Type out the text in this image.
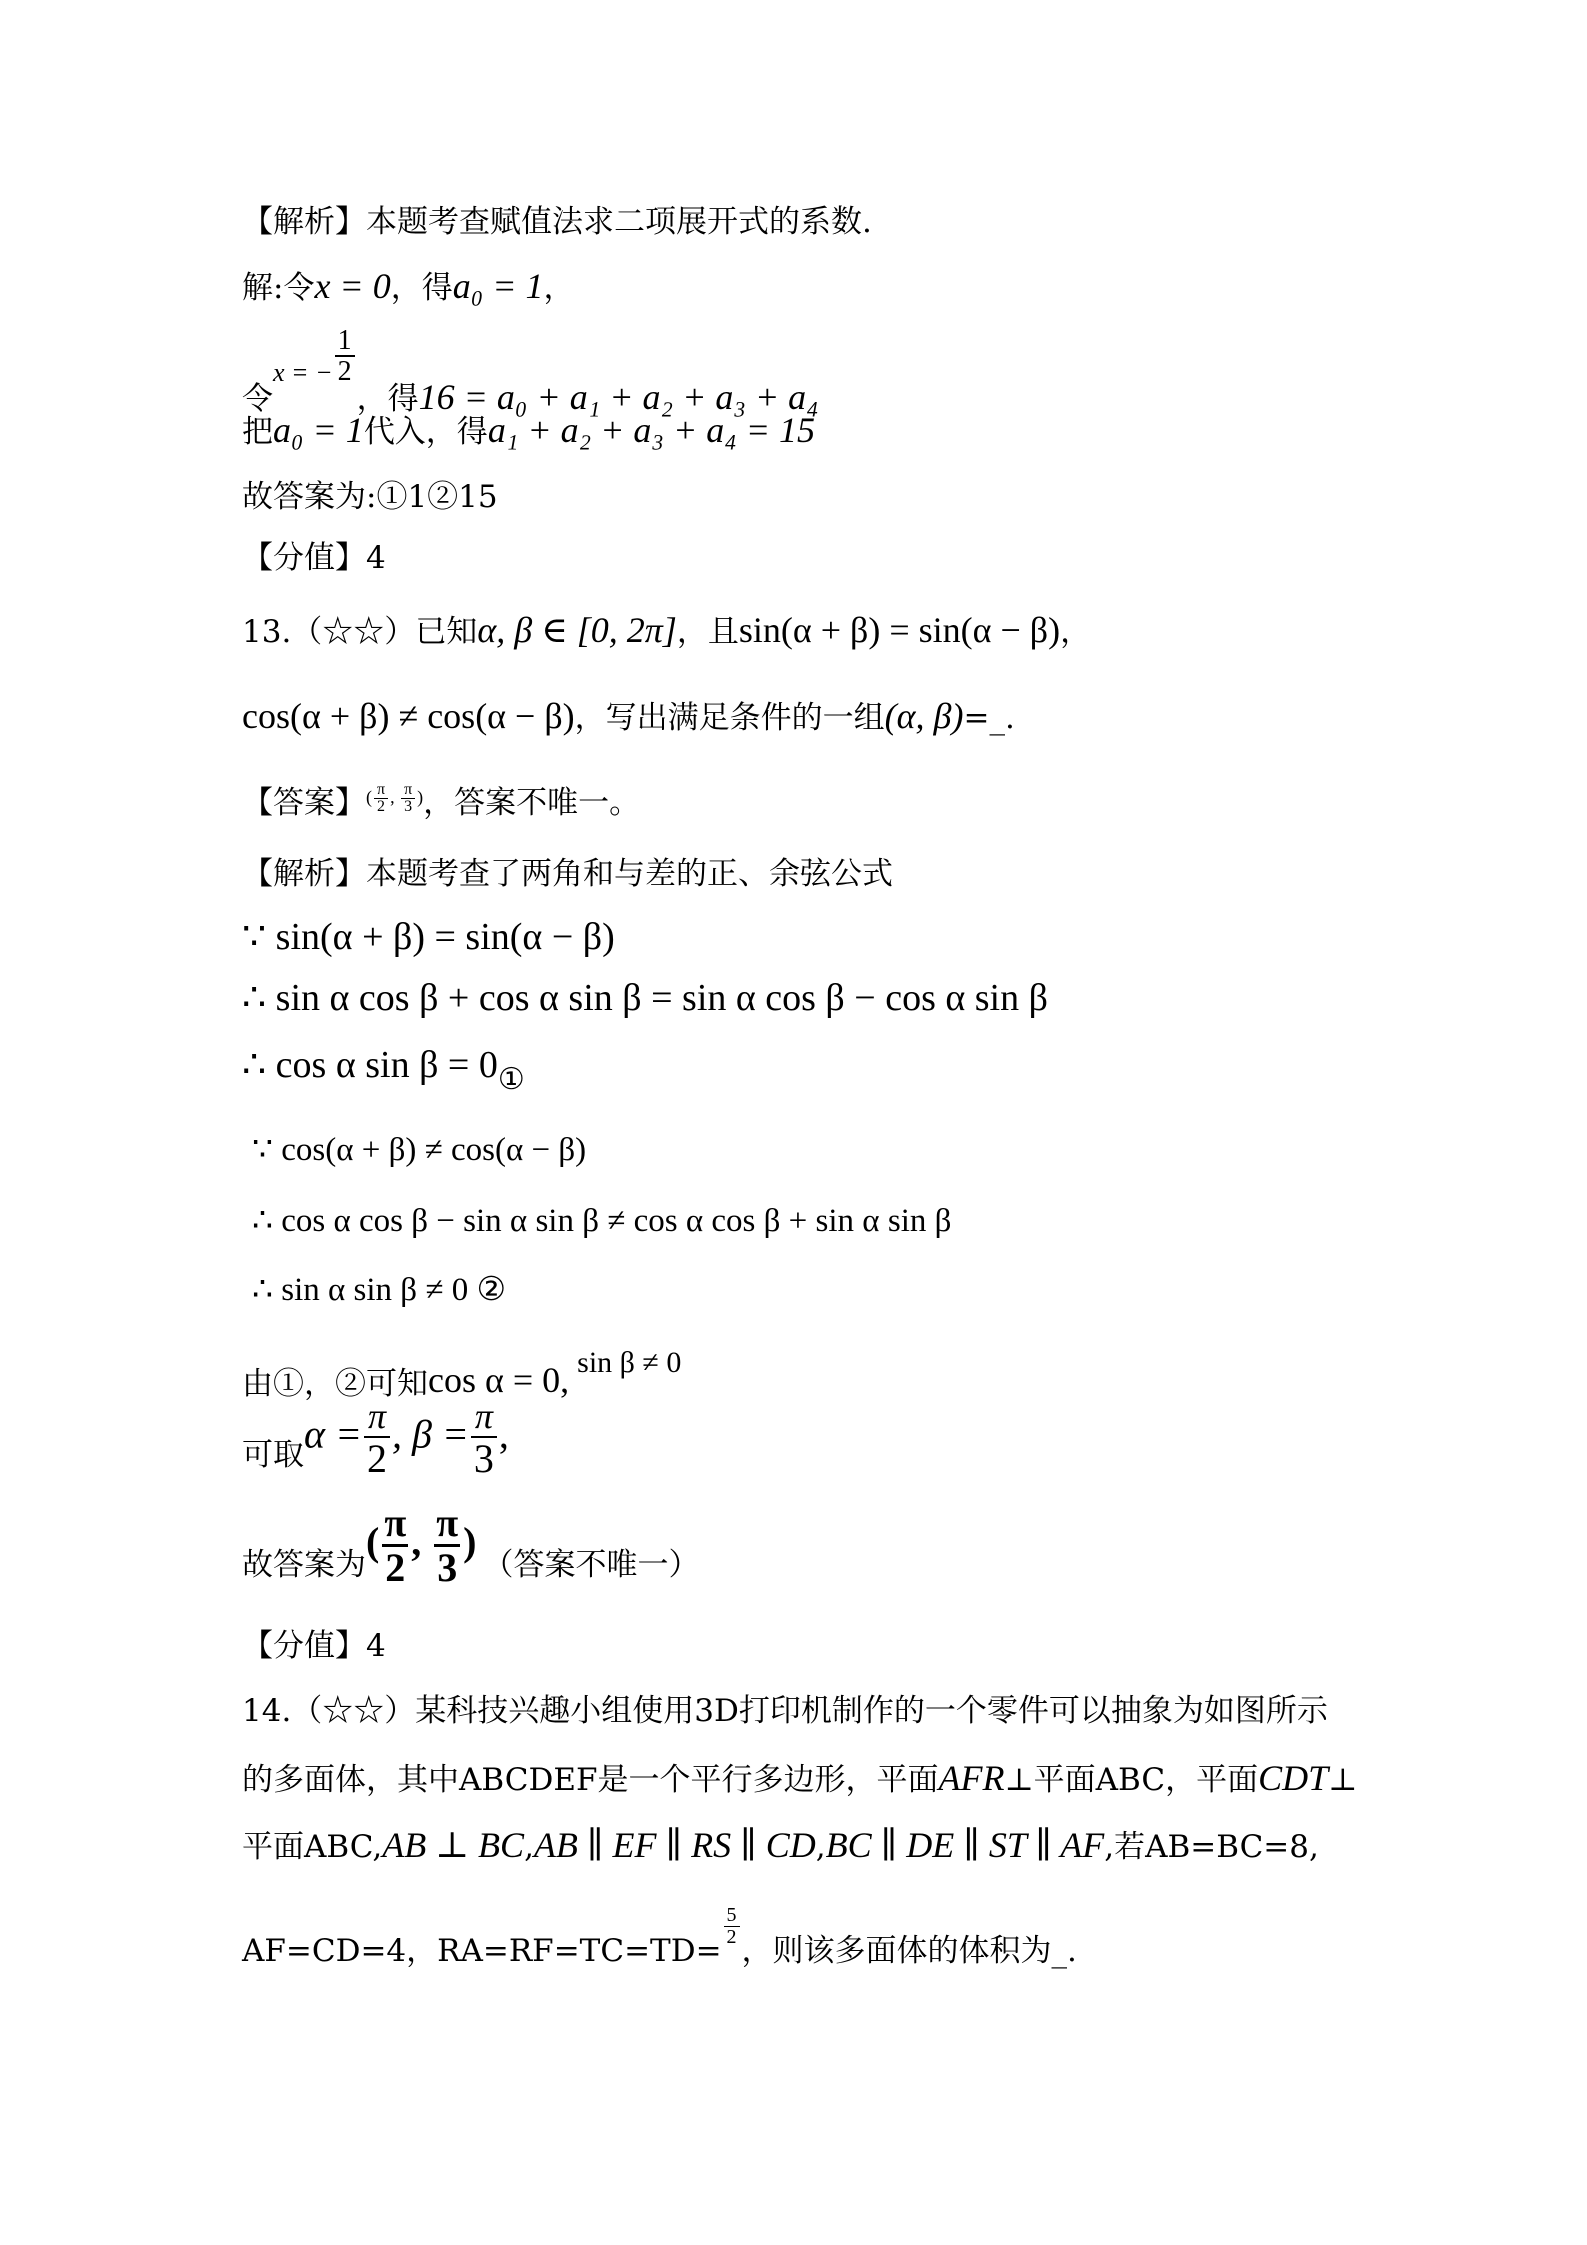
【解析】本题考查赋值法求二项展开式的系数.
解:令x = 0，得a₀ = 1，
令$_{x = -} \frac{1}{2}$
，得16 = a₀ + a₁ + a₂ + a₃ + a₄
把a₀ = 1代入，得a₁ + a₂ + a₃ + a₄ = 15
故答案为:①1②15
【分值】4
13.（☆☆）已知α, β ∈ [0, 2π]，且sin(α + β) = sin(α − β)，
cos(α + β) ≠ cos(α − β)，写出满足条件的一组(α, β)=_.
【答案】$^{( \frac{\pi}{2} , \frac{\pi}{3} )}$，答案不唯一。
【解析】本题考查了两角和与差的正、余弦公式
∵ sin(α + β) = sin(α − β)
∴ sin α cos β + cos α sin β = sin α cos β − cos α sin β
∴ cos α sin β = 0①
∵ cos(α + β) ≠ cos(α − β)
∴ cos α cos β − sin α sin β ≠ cos α cos β + sin α sin β
∴ sin α sin β ≠ 0 ②
由①，②可知cos α = 0, sin β ≠ 0
可取$\alpha = \frac{\pi}{2}$ , $\beta = \frac{\pi}{3}$ ,
故答案为( $\frac{\pi}{2}$ , $\frac{\pi}{3}$ )（答案不唯一）
【分值】4
14.（☆☆）某科技兴趣小组使用3D打印机制作的一个零件可以抽象为如图所示
的多面体，其中ABCDEF是一个平行多边形，平面AFR⊥平面ABC，平面CDT⊥
平面ABC,AB ⊥ BC,AB ∥ EF ∥ RS ∥ CD,BC ∥ DE ∥ ST ∥ AF,若AB=BC=8,
AF=CD=4，RA=RF=TC=TD=
$\frac{5}{2}$
，则该多面体的体积为_.
